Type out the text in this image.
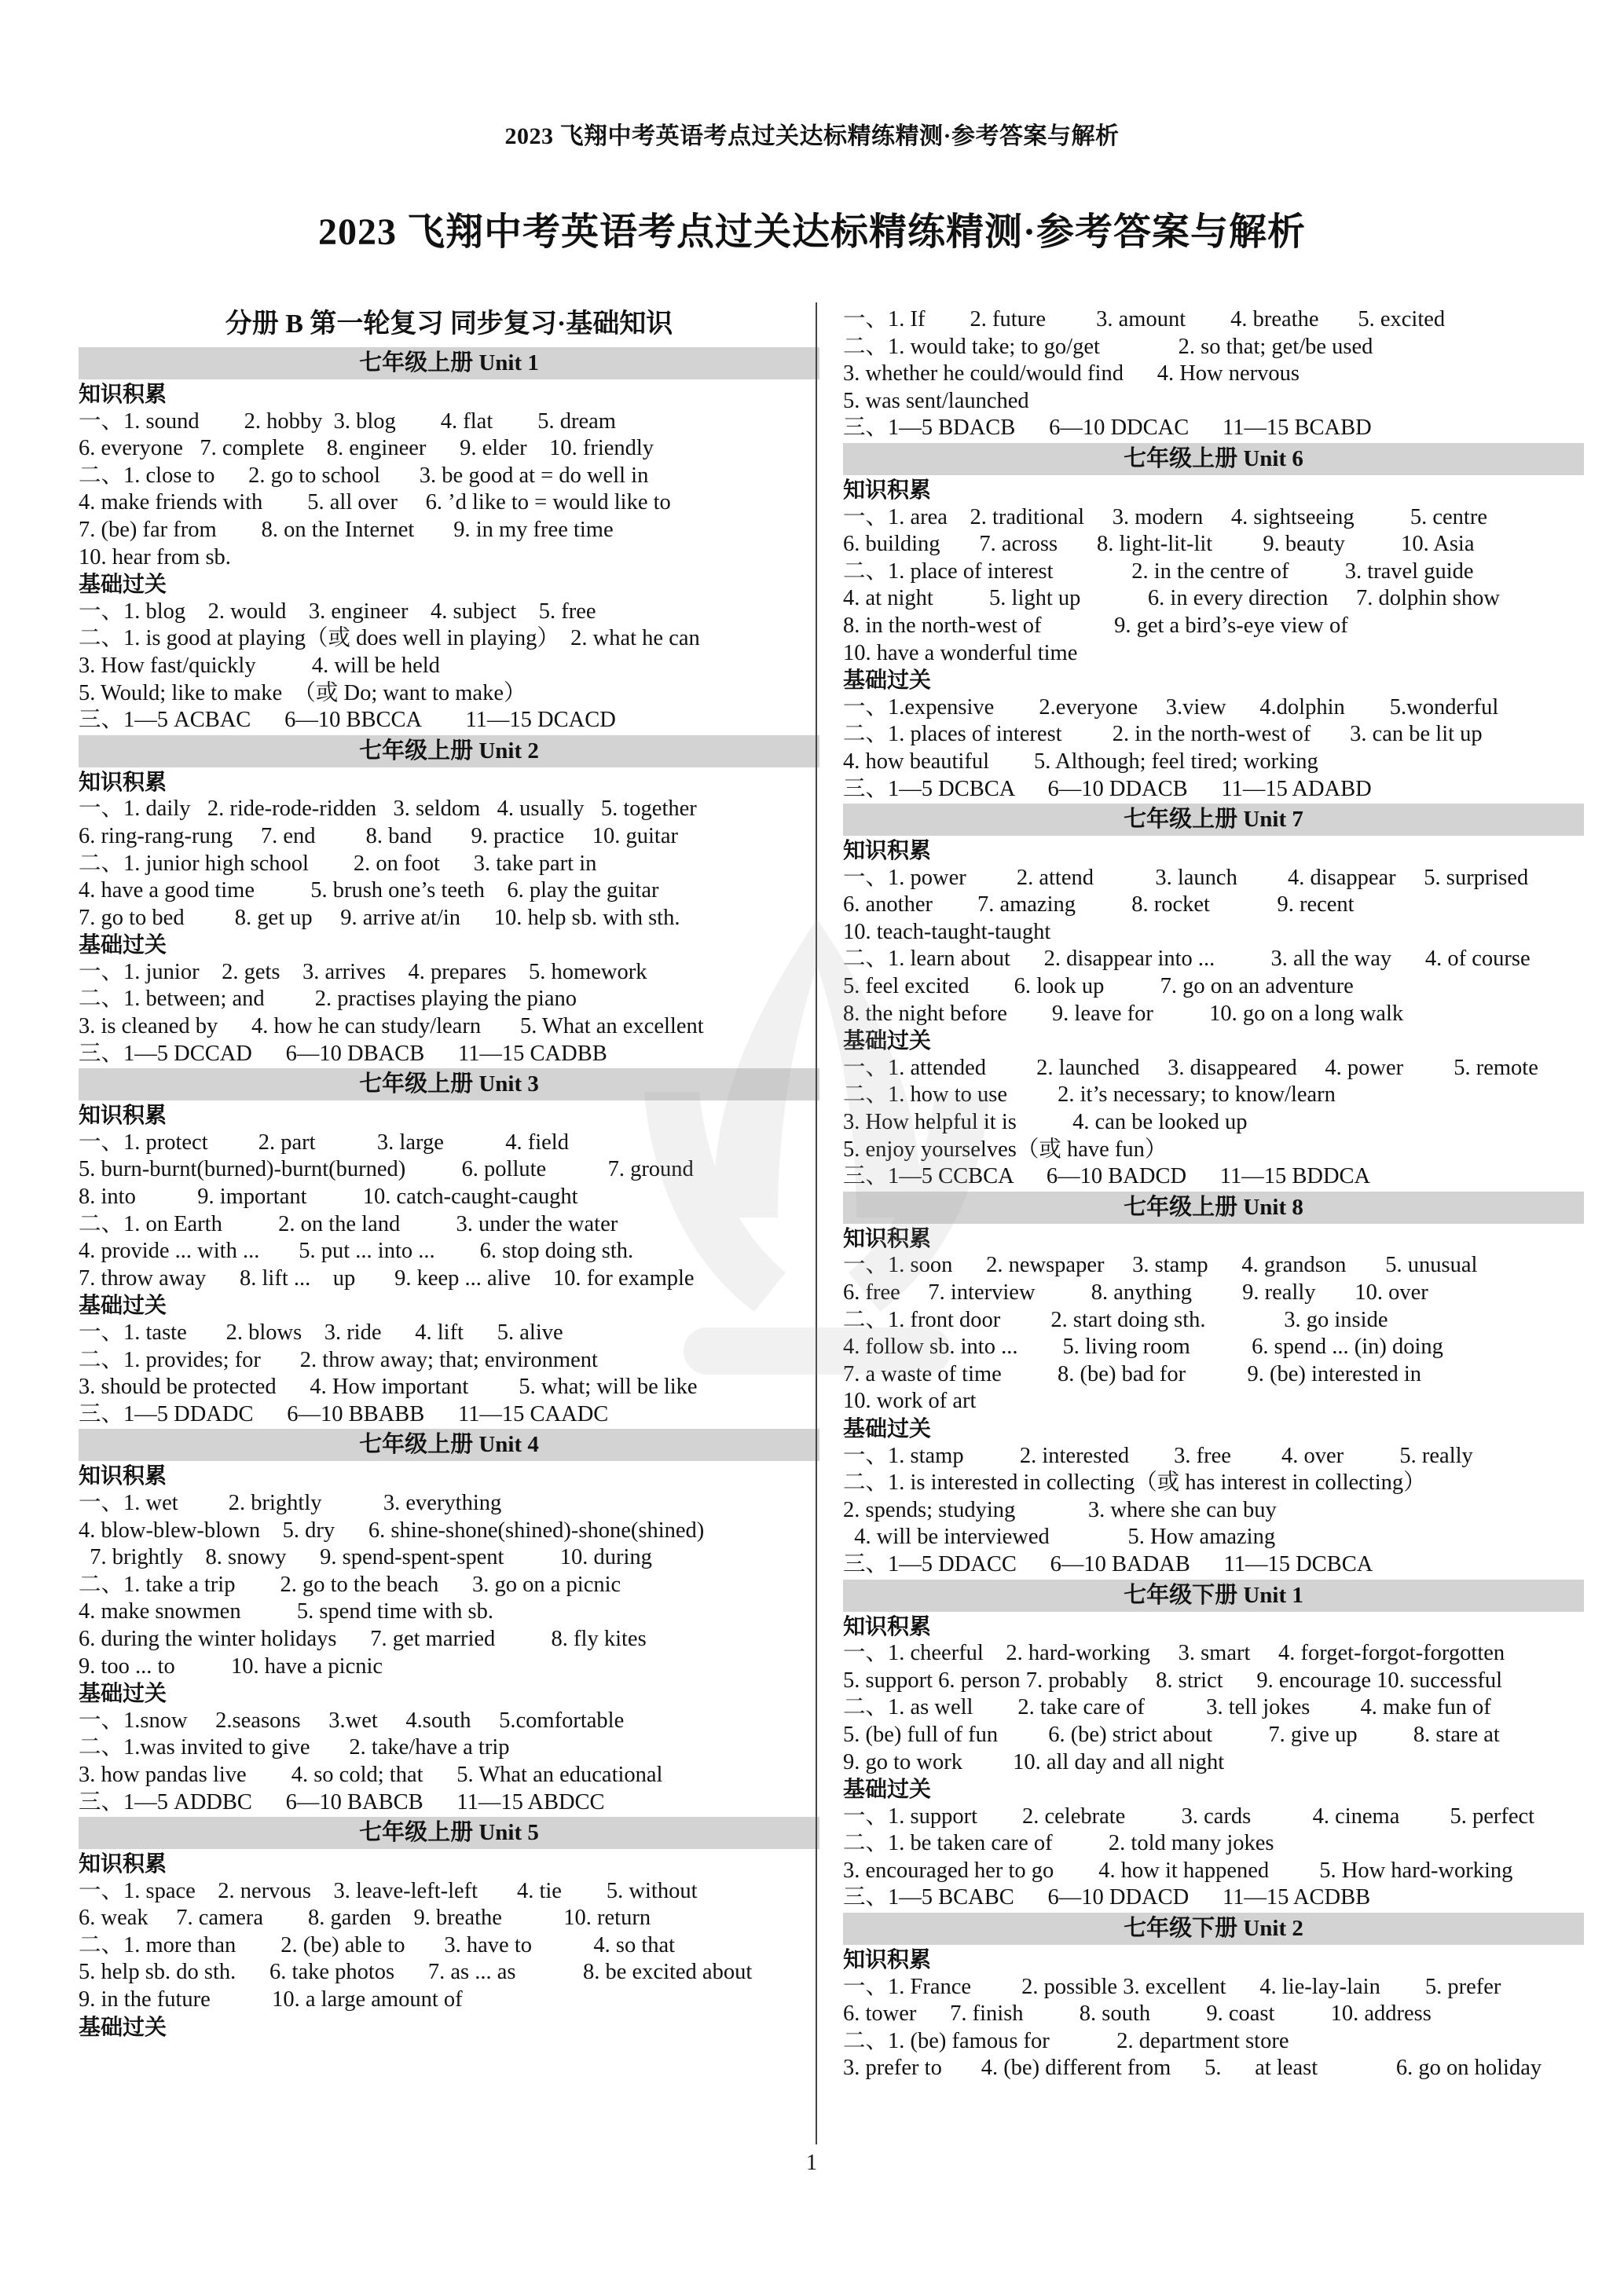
2023 飞翔中考英语考点过关达标精练精测·参考答案与解析
2023 飞翔中考英语考点过关达标精练精测·参考答案与解析
分册 B 第一轮复习 同步复习·基础知识
七年级上册 Unit 1
知识积累
一、1. sound        2. hobby  3. blog        4. flat        5. dream
6. everyone   7. complete    8. engineer      9. elder    10. friendly
二、1. close to      2. go to school       3. be good at = do well in
4. make friends with        5. all over     6. ’d like to = would like to
7. (be) far from        8. on the Internet       9. in my free time
10. hear from sb.
基础过关
一、1. blog    2. would    3. engineer    4. subject    5. free
二、1. is good at playing（或 does well in playing）  2. what he can
3. How fast/quickly          4. will be held
5. Would; like to make  （或 Do; want to make）
三、1—5 ACBAC      6—10 BBCCA        11—15 DCACD
七年级上册 Unit 2
知识积累
一、1. daily   2. ride-rode-ridden   3. seldom   4. usually   5. together
6. ring-rang-rung     7. end         8. band       9. practice     10. guitar
二、1. junior high school        2. on foot      3. take part in
4. have a good time          5. brush one’s teeth    6. play the guitar
7. go to bed         8. get up     9. arrive at/in      10. help sb. with sth.
基础过关
一、1. junior    2. gets    3. arrives    4. prepares    5. homework
二、1. between; and         2. practises playing the piano
3. is cleaned by      4. how he can study/learn       5. What an excellent
三、1—5 DCCAD      6—10 DBACB      11—15 CADBB
七年级上册 Unit 3
知识积累
一、1. protect         2. part           3. large           4. field
5. burn-burnt(burned)-burnt(burned)          6. pollute           7. ground
8. into           9. important          10. catch-caught-caught
二、1. on Earth          2. on the land          3. under the water
4. provide ... with ...       5. put ... into ...        6. stop doing sth.
7. throw away      8. lift ...    up       9. keep ... alive    10. for example
基础过关
一、1. taste       2. blows    3. ride      4. lift      5. alive
二、1. provides; for       2. throw away; that; environment
3. should be protected      4. How important         5. what; will be like
三、1—5 DDADC      6—10 BBABB      11—15 CAADC
七年级上册 Unit 4
知识积累
一、1. wet         2. brightly           3. everything
4. blow-blew-blown    5. dry      6. shine-shone(shined)-shone(shined)
7. brightly    8. snowy      9. spend-spent-spent          10. during
二、1. take a trip        2. go to the beach      3. go on a picnic
4. make snowmen          5. spend time with sb.
6. during the winter holidays      7. get married          8. fly kites
9. too ... to          10. have a picnic
基础过关
一、1.snow     2.seasons     3.wet     4.south     5.comfortable
二、1.was invited to give       2. take/have a trip
3. how pandas live        4. so cold; that      5. What an educational
三、1—5 ADDBC      6—10 BABCB      11—15 ABDCC
七年级上册 Unit 5
知识积累
一、1. space    2. nervous    3. leave-left-left       4. tie        5. without
6. weak     7. camera        8. garden    9. breathe           10. return
二、1. more than        2. (be) able to       3. have to           4. so that
5. help sb. do sth.      6. take photos      7. as ... as            8. be excited about
9. in the future           10. a large amount of
基础过关
一、1. If        2. future         3. amount        4. breathe       5. excited
二、1. would take; to go/get              2. so that; get/be used
3. whether he could/would find      4. How nervous
5. was sent/launched
三、1—5 BDACB      6—10 DDCAC      11—15 BCABD
七年级上册 Unit 6
知识积累
一、1. area    2. traditional     3. modern     4. sightseeing          5. centre
6. building       7. across       8. light-lit-lit         9. beauty          10. Asia
二、1. place of interest              2. in the centre of          3. travel guide
4. at night          5. light up            6. in every direction     7. dolphin show
8. in the north-west of             9. get a bird’s-eye view of
10. have a wonderful time
基础过关
一、1.expensive        2.everyone     3.view      4.dolphin        5.wonderful
二、1. places of interest         2. in the north-west of       3. can be lit up
4. how beautiful        5. Although; feel tired; working
三、1—5 DCBCA      6—10 DDACB      11—15 ADABD
七年级上册 Unit 7
知识积累
一、1. power         2. attend           3. launch         4. disappear     5. surprised
6. another        7. amazing          8. rocket            9. recent
10. teach-taught-taught
二、1. learn about      2. disappear into ...          3. all the way      4. of course
5. feel excited        6. look up          7. go on an adventure
8. the night before        9. leave for          10. go on a long walk
基础过关
一、1. attended         2. launched     3. disappeared     4. power         5. remote
二、1. how to use         2. it’s necessary; to know/learn
3. How helpful it is          4. can be looked up
5. enjoy yourselves（或 have fun）
三、1—5 CCBCA      6—10 BADCD      11—15 BDDCA
七年级上册 Unit 8
知识积累
一、1. soon      2. newspaper     3. stamp      4. grandson       5. unusual
6. free     7. interview          8. anything         9. really       10. over
二、1. front door         2. start doing sth.              3. go inside
4. follow sb. into ...        5. living room           6. spend ... (in) doing
7. a waste of time          8. (be) bad for           9. (be) interested in
10. work of art
基础过关
一、1. stamp          2. interested        3. free         4. over          5. really
二、1. is interested in collecting（或 has interest in collecting）
2. spends; studying             3. where she can buy
4. will be interviewed              5. How amazing
三、1—5 DDACC      6—10 BADAB      11—15 DCBCA
七年级下册 Unit 1
知识积累
一、1. cheerful    2. hard-working     3. smart     4. forget-forgot-forgotten
5. support 6. person 7. probably     8. strict      9. encourage 10. successful
二、1. as well        2. take care of           3. tell jokes         4. make fun of
5. (be) full of fun         6. (be) strict about          7. give up          8. stare at
9. go to work         10. all day and all night
基础过关
一、1. support        2. celebrate          3. cards           4. cinema         5. perfect
二、1. be taken care of          2. told many jokes
3. encouraged her to go        4. how it happened         5. How hard-working
三、1—5 BCABC      6—10 DDACD      11—15 ACDBB
七年级下册 Unit 2
知识积累
一、1. France         2. possible 3. excellent      4. lie-lay-lain        5. prefer
6. tower      7. finish          8. south          9. coast          10. address
二、1. (be) famous for            2. department store
3. prefer to       4. (be) different from      5.      at least              6. go on holiday
1
